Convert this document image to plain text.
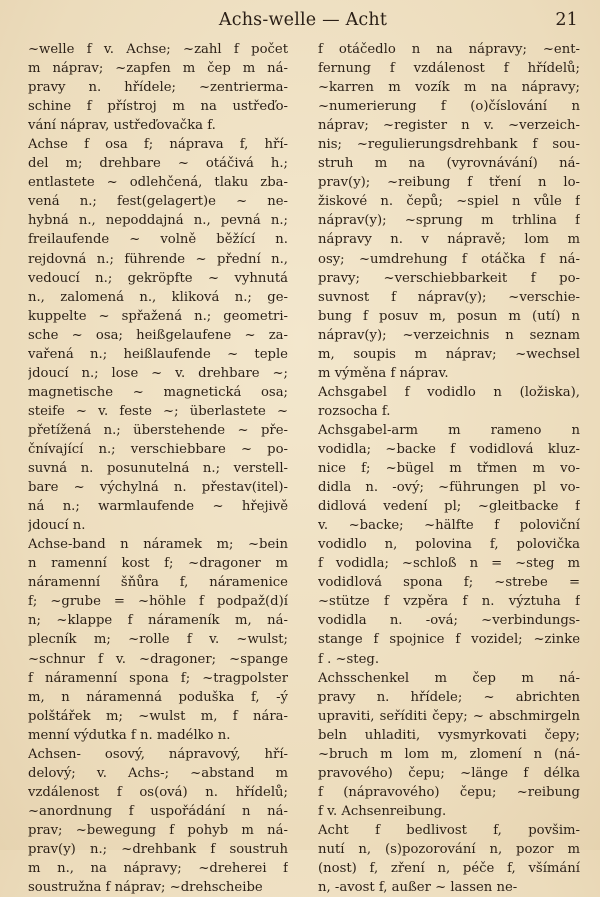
Achs-welle — Acht	21
~welle f v. Achse; ~zahl f počet
m náprav; ~zapfen m čep m ná-
pravy n. hřídele; ~zentrierma-
schine f přístroj m na ustřeďo-
vání náprav, ustřeďovačka f.
Achse f osa f; náprava f, hří-
del m; drehbare ~ otáčivá h.;
entlastete ~ odlehčená, tlaku zba-
vená n.; fest(gelagert)e ~ ne-
hybná n., nepoddajná n., pevná n.;
freilaufende ~ volně běžící n.
rejdovná n.; führende ~ přední n.,
vedoucí n.; gekröpfte ~ vyhnutá
n., zalomená n., kliková n.; ge-
kuppelte ~ spřažená n.; geometri-
sche ~ osa; heißgelaufene ~ za-
vařená n.; heißlaufende ~ teple
jdoucí n.; lose ~ v. drehbare ~;
magnetische ~ magnetická osa;
steife ~ v. feste ~; überlastete ~
přetížená n.; überstehende ~ pře-
čnívající n.; verschiebbare ~ po-
suvná n. posunutelná n.; verstell-
bare ~ výchylná n. přestav(itel)-
ná n.; warmlaufende ~ hřejivě
jdoucí n.
Achse-band n náramek m; ~bein
n ramenní kost f; ~dragoner m
náramenní šňůra f, náramenice
f; ~grube = ~höhle f podpaž(d)í
n; ~klappe f nárameník m, ná-
plecník m; ~rolle f v. ~wulst;
~schnur f v. ~dragoner; ~spange
f náramenní spona f; ~tragpolster
m, n náramenná poduška f, -ý
polštářek m; ~wulst m, f nára-
menní výdutka f n. madélko n.
Achsen- osový, nápravový, hří-
delový; v. Achs-; ~abstand m
vzdálenost f os(ová) n. hřídelů;
~anordnung f uspořádání n ná-
prav; ~bewegung f pohyb m ná-
prav(y) n.; ~drehbank f soustruh
m n., na nápravy; ~dreherei f
soustružna f náprav; ~drehscheibe
f otáčedlo n na nápravy; ~ent-
fernung f vzdálenost f hřídelů;
~karren m vozík m na nápravy;
~numerierung f (o)číslování n
náprav; ~register n v. ~verzeich-
nis; ~regulierungsdrehbank f sou-
struh m na (vyrovnávání) ná-
prav(y); ~reibung f tření n lo-
žiskové n. čepů; ~spiel n vůle f
náprav(y); ~sprung m trhlina f
nápravy n. v nápravě; lom m
osy; ~umdrehung f otáčka f ná-
pravy; ~verschiebbarkeit f po-
suvnost f náprav(y); ~verschie-
bung f posuv m, posun m (utí) n
náprav(y); ~verzeichnis n seznam
m, soupis m náprav; ~wechsel
m výměna f náprav.
Achsgabel f vodidlo n (ložiska),
rozsocha f.
Achsgabel-arm m rameno n
vodidla; ~backe f vodidlová kluz-
nice f; ~bügel m třmen m vo-
didla n. -ový; ~führungen pl vo-
didlová vedení pl; ~gleitbacke f
v. ~backe; ~hälfte f poloviční
vodidlo n, polovina f, polovička
f vodidla; ~schloß n = ~steg m
vodidlová spona f; ~strebe =
~stütze f vzpěra f n. výztuha f
vodidla n. -ová; ~verbindungs-
stange f spojnice f vozidel; ~zinke
f . ~steg.
Achsschenkel m čep m ná-
pravy n. hřídele; ~ abrichten
upraviti, seříditi čepy; ~ abschmirgeln
beln uhladiti, vysmyrkovati čepy;
~bruch m lom m, zlomení n (ná-
pravového) čepu; ~länge f délka
f (nápravového) čepu; ~reibung
f v. Achsenreibung.
Acht f bedlivost f, povšim-
nutí n, (s)pozorování n, pozor m
(nost) f, zření n, péče f, všímání
n, -avost f, außer ~ lassen ne-
